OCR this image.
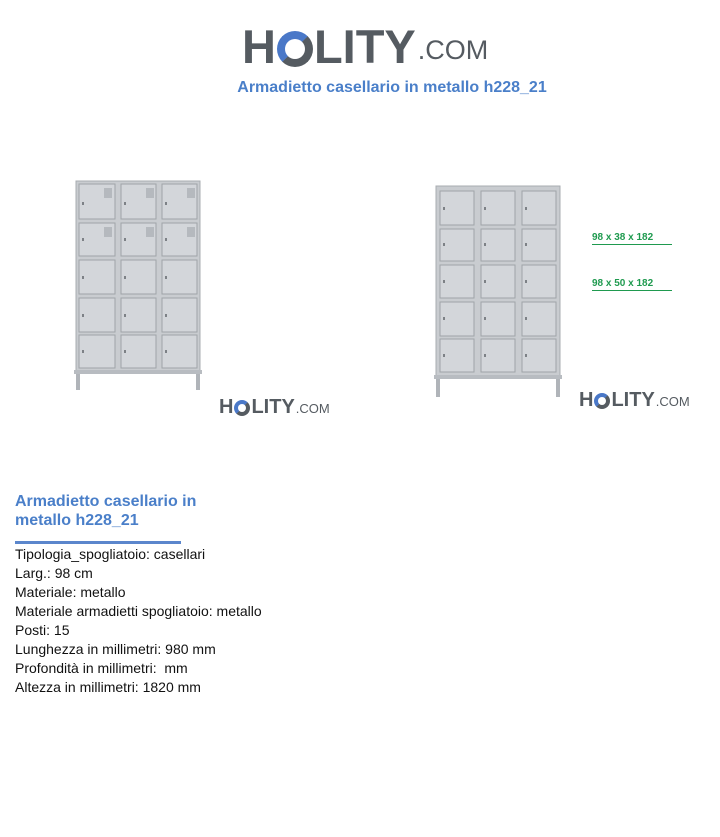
H LITY .COM
Armadietto casellario in metallo h228_21
H LITY .COM
98 x 38 x 182
98 x 50 x 182
H LITY .COM
Armadietto casellario in metallo h228_21
Tipologia_spogliatoio: casellari
Larg.: 98 cm
Materiale: metallo
Materiale armadietti spogliatoio: metallo
Posti: 15
Lunghezza in millimetri: 980 mm
Profondità in millimetri:  mm
Altezza in millimetri: 1820 mm
